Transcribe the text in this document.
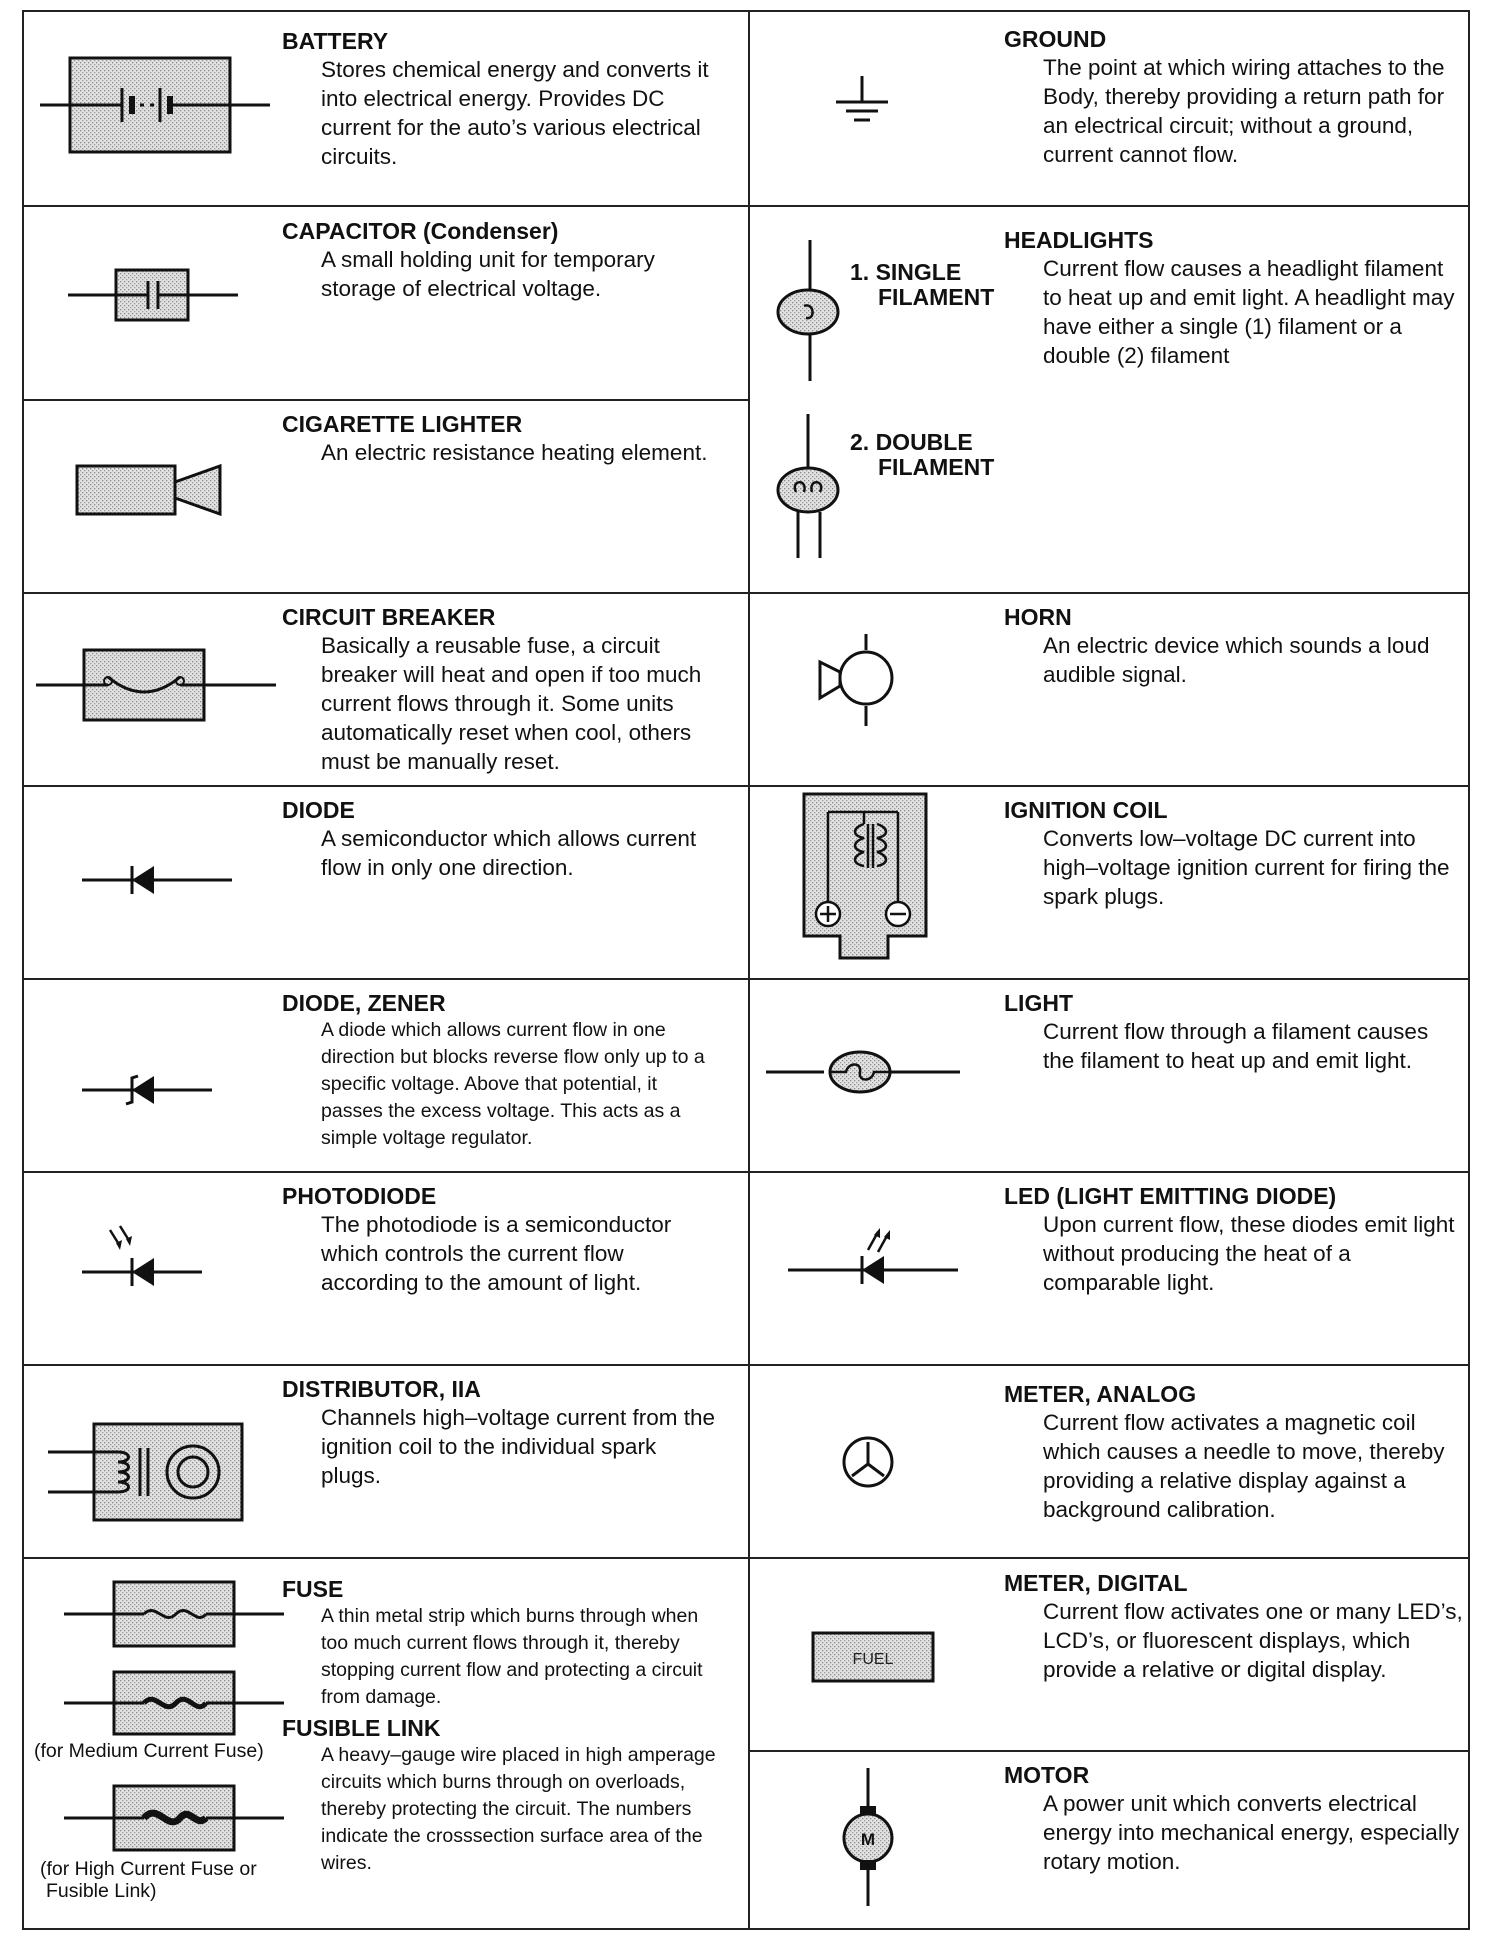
BATTERY

Stores chemical energy and converts it into electrical energy. Provides DC current for the auto’s various electrical circuits.

CAPACITOR (Condenser)

A small holding unit for temporary storage of electrical voltage.

CIGARETTE LIGHTER

An electric resistance heating element.

CIRCUIT BREAKER

Basically a reusable fuse, a circuit breaker will heat and open if too much current flows through it. Some units automatically reset when cool, others must be manually reset.

DIODE

A semiconductor which allows current flow in only one direction.

DIODE, ZENER

A diode which allows current flow in one direction but blocks reverse flow only up to a specific voltage. Above that potential, it passes the excess voltage. This acts as a simple voltage regulator.

PHOTODIODE

The photodiode is a semiconductor which controls the current flow according to the amount of light.

DISTRIBUTOR, IIA

Channels high–voltage current from the ignition coil to the individual spark plugs.

(for Medium Current Fuse)
(for High Current Fuse or
Fusible Link)

FUSE

A thin metal strip which burns through when too much current flows through it, thereby stopping current flow and protecting a circuit from damage.

FUSIBLE LINK

A heavy–gauge wire placed in high amperage circuits which burns through on overloads, thereby protecting the circuit. The numbers indicate the crosssection surface area of the wires.

GROUND

The point at which wiring attaches to the Body, thereby providing a return path for an electrical circuit; without a ground, current cannot flow.

1. SINGLE
FILAMENT
2. DOUBLE
FILAMENT

HEADLIGHTS

Current flow causes a headlight filament to heat up and emit light. A headlight may have either a single (1) filament or a double (2) filament

HORN

An electric device which sounds a loud audible signal.

IGNITION COIL

Converts low–voltage DC current into high–voltage ignition current for firing the spark plugs.

LIGHT

Current flow through a filament causes the filament to heat up and emit light.

LED (LIGHT EMITTING DIODE)

Upon current flow, these diodes emit light without producing the heat of a comparable light.

METER, ANALOG

Current flow activates a magnetic coil which causes a needle to move, thereby providing a relative display against a background calibration.

FUEL

METER, DIGITAL

Current flow activates one or many LED’s, LCD’s, or fluorescent displays, which provide a relative or digital display.

M

MOTOR

A power unit which converts electrical energy into mechanical energy, especially rotary motion.
